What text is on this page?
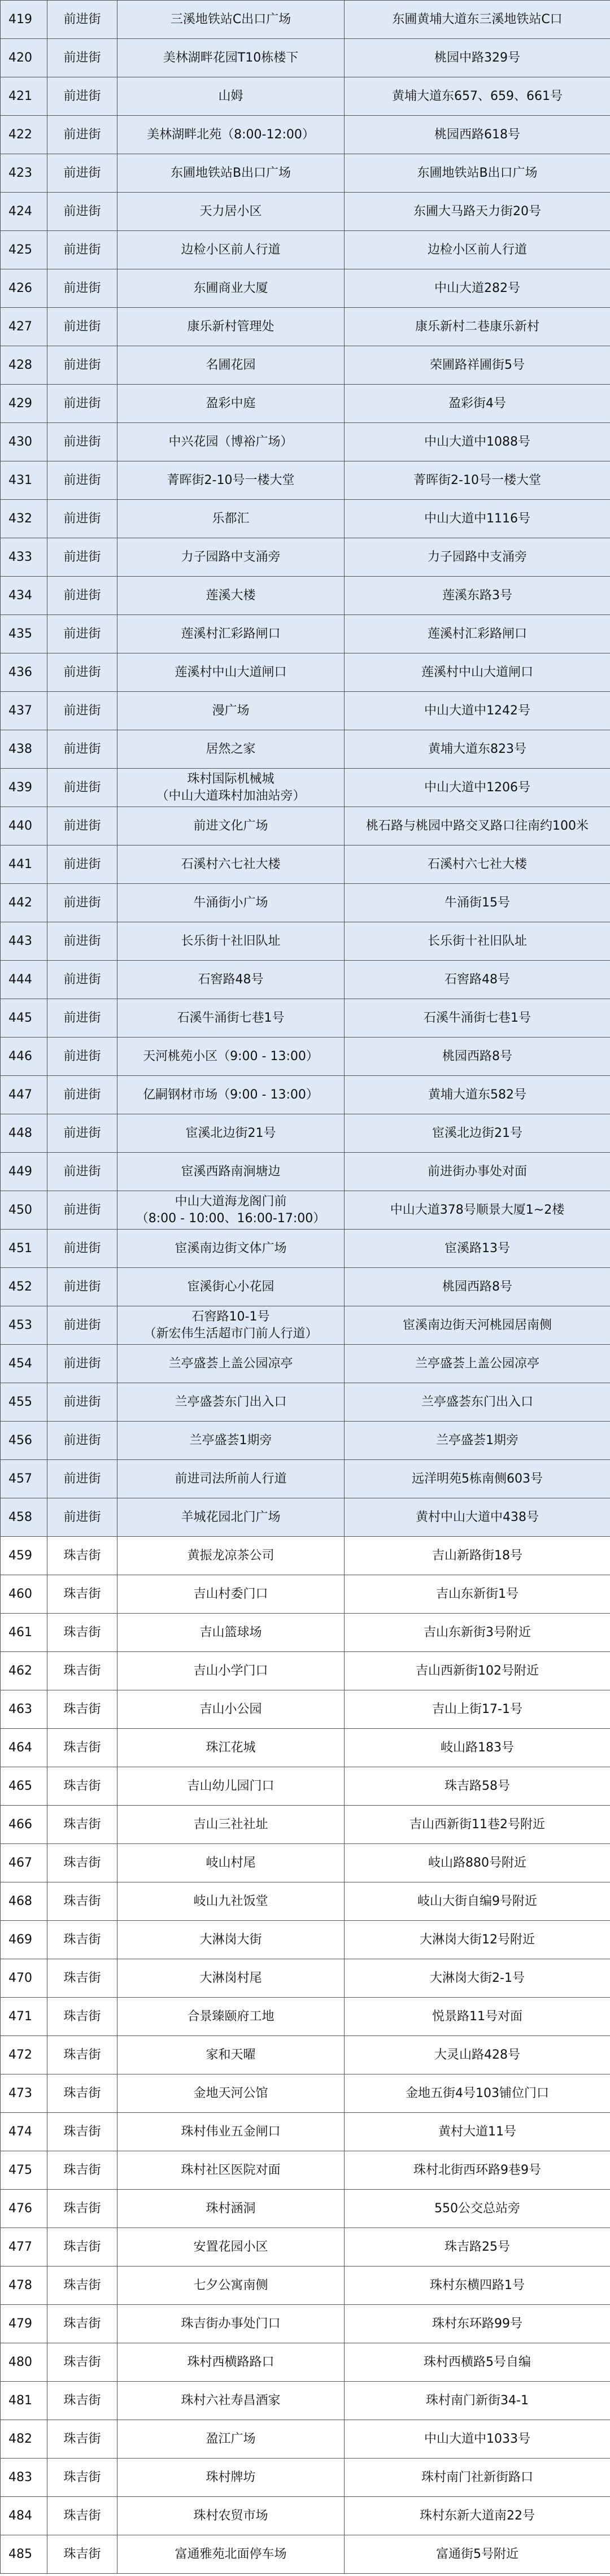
419	前进街	三溪地铁站C出口广场	东圃黄埔大道东三溪地铁站C口

420	前进街	美林湖畔花园T10栋楼下	桃园中路329号

421	前进街	山姆	黄埔大道东657、659、661号

422	前进街	美林湖畔北苑（8:00-12:00）	桃园西路618号

423	前进街	东圃地铁站B出口广场	东圃地铁站B出口广场

424	前进街	天力居小区	东圃大马路天力街20号

425	前进街	边检小区前人行道	边检小区前人行道

426	前进街	东圃商业大厦	中山大道282号

427	前进街	康乐新村管理处	康乐新村二巷康乐新村

428	前进街	名圃花园	荣圃路祥圃街5号

429	前进街	盈彩中庭	盈彩街4号

430	前进街	中兴花园（博裕广场）	中山大道中1088号

431	前进街	菁晖街2-10号一楼大堂	菁晖街2-10号一楼大堂

432	前进街	乐都汇	中山大道中1116号

433	前进街	力子园路中支涌旁	力子园路中支涌旁

434	前进街	莲溪大楼	莲溪东路3号

435	前进街	莲溪村汇彩路闸口	莲溪村汇彩路闸口

436	前进街	莲溪村中山大道闸口	莲溪村中山大道闸口

437	前进街	漫广场	中山大道中1242号

438	前进街	居然之家	黄埔大道东823号

439	前进街	珠村国际机械城
（中山大道珠村加油站旁）	中山大道中1206号

440	前进街	前进文化广场	桃石路与桃园中路交叉路口往南约100米

441	前进街	石溪村六七社大楼	石溪村六七社大楼

442	前进街	牛涌街小广场	牛涌街15号

443	前进街	长乐街十社旧队址	长乐街十社旧队址

444	前进街	石窖路48号	石窖路48号

445	前进街	石溪牛涌街七巷1号	石溪牛涌街七巷1号

446	前进街	天河桃苑小区（9:00 - 13:00）	桃园西路8号

447	前进街	亿嗣钢材市场（9:00 - 13:00）	黄埔大道东582号

448	前进街	宦溪北边街21号	宦溪北边街21号

449	前进街	宦溪西路南涧塘边	前进街办事处对面

450	前进街	中山大道海龙阁门前
（8:00 - 10:00、16:00-17:00）	中山大道378号顺景大厦1~2楼

451	前进街	宦溪南边街文体广场	宦溪路13号

452	前进街	宦溪街心小花园	桃园西路8号

453	前进街	石窖路10-1号
（新宏伟生活超市门前人行道）	宦溪南边街天河桃园居南侧

454	前进街	兰亭盛荟上盖公园凉亭	兰亭盛荟上盖公园凉亭

455	前进街	兰亭盛荟东门出入口	兰亭盛荟东门出入口

456	前进街	兰亭盛荟1期旁	兰亭盛荟1期旁

457	前进街	前进司法所前人行道	远洋明苑5栋南侧603号

458	前进街	羊城花园北门广场	黄村中山大道中438号

459	珠吉街	黄振龙凉茶公司	吉山新路街18号

460	珠吉街	吉山村委门口	吉山东新街1号

461	珠吉街	吉山篮球场	吉山东新街3号附近

462	珠吉街	吉山小学门口	吉山西新街102号附近

463	珠吉街	吉山小公园	吉山上街17-1号

464	珠吉街	珠江花城	岐山路183号

465	珠吉街	吉山幼儿园门口	珠吉路58号

466	珠吉街	吉山三社社址	吉山西新街11巷2号附近

467	珠吉街	岐山村尾	岐山路880号附近

468	珠吉街	岐山九社饭堂	岐山大街自编9号附近

469	珠吉街	大淋岗大街	大淋岗大街12号附近

470	珠吉街	大淋岗村尾	大淋岗大街2-1号

471	珠吉街	合景臻颐府工地	悦景路11号对面

472	珠吉街	家和天曜	大灵山路428号

473	珠吉街	金地天河公馆	金地五街4号103铺位门口

474	珠吉街	珠村伟业五金闸口	黄村大道11号

475	珠吉街	珠村社区医院对面	珠村北街西环路9巷9号

476	珠吉街	珠村涵洞	550公交总站旁

477	珠吉街	安置花园小区	珠吉路25号

478	珠吉街	七夕公寓南侧	珠村东横四路1号

479	珠吉街	珠吉街办事处门口	珠村东环路99号

480	珠吉街	珠村西横路路口	珠村西横路5号自编

481	珠吉街	珠村六社寿昌酒家	珠村南门新街34-1

482	珠吉街	盈江广场	中山大道中1033号

483	珠吉街	珠村牌坊	珠村南门社新街路口

484	珠吉街	珠村农贸市场	珠村东新大道南22号

485	珠吉街	富通雅苑北面停车场	富通街5号附近
